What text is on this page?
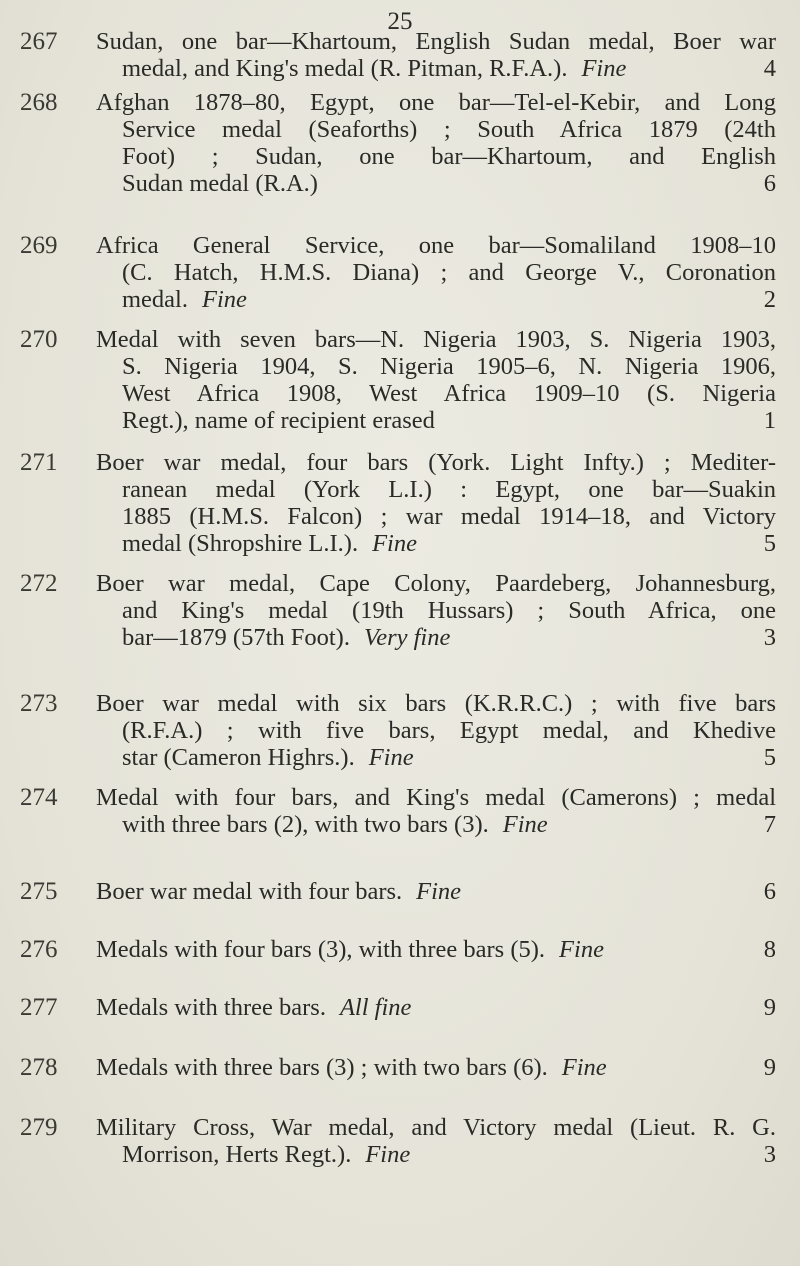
25
267	Sudan, one bar—Khartoum, English Sudan medal, Boer war
medal, and King's medal (R. Pitman, R.F.A.). Fine	4
268	Afghan 1878–80, Egypt, one bar—Tel-el-Kebir, and Long
Service medal (Seaforths) ; South Africa 1879 (24th
Foot) ; Sudan, one bar—Khartoum, and English
Sudan medal (R.A.)	6
269	Africa General Service, one bar—Somaliland 1908–10
(C. Hatch, H.M.S. Diana) ; and George V., Coronation
medal. Fine	2
270	Medal with seven bars—N. Nigeria 1903, S. Nigeria 1903,
S. Nigeria 1904, S. Nigeria 1905–6, N. Nigeria 1906,
West Africa 1908, West Africa 1909–10 (S. Nigeria
Regt.), name of recipient erased	1
271	Boer war medal, four bars (York. Light Infty.) ; Mediter-
ranean medal (York L.I.) : Egypt, one bar—Suakin
1885 (H.M.S. Falcon) ; war medal 1914–18, and Victory
medal (Shropshire L.I.). Fine	5
272	Boer war medal, Cape Colony, Paardeberg, Johannesburg,
and King's medal (19th Hussars) ; South Africa, one
bar—1879 (57th Foot). Very fine	3
273	Boer war medal with six bars (K.R.R.C.) ; with five bars
(R.F.A.) ; with five bars, Egypt medal, and Khedive
star (Cameron Highrs.). Fine	5
274	Medal with four bars, and King's medal (Camerons) ; medal
with three bars (2), with two bars (3). Fine	7
275	Boer war medal with four bars. Fine	6
276	Medals with four bars (3), with three bars (5). Fine	8
277	Medals with three bars. All fine	9
278	Medals with three bars (3) ; with two bars (6). Fine	9
279	Military Cross, War medal, and Victory medal (Lieut. R. G.
Morrison, Herts Regt.). Fine	3
